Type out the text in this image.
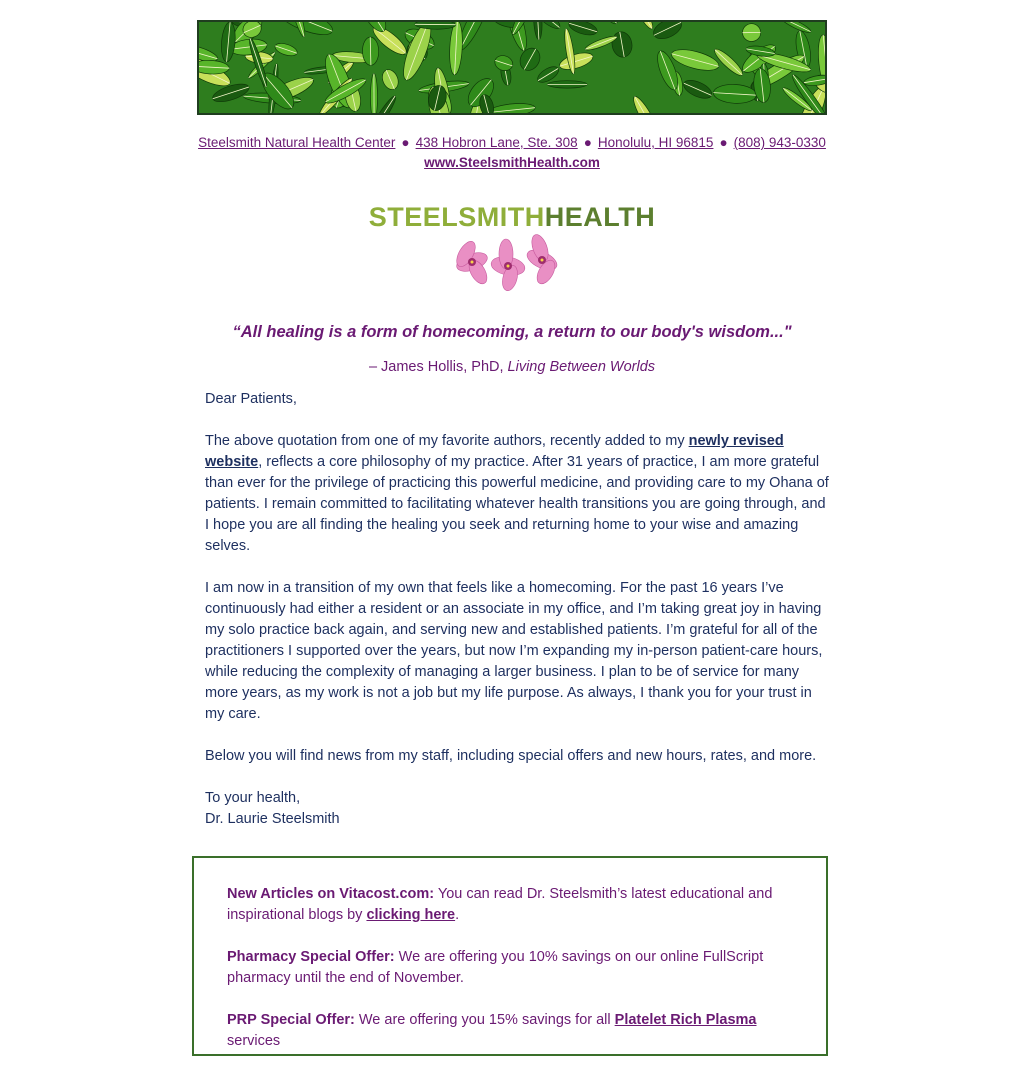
Steelsmith Natural Health Center ● 438 Hobron Lane, Ste. 308 ● Honolulu, HI 96815 ● (808) 943-0330
www.SteelsmithHealth.com
STEELSMITHHEALTH
“All healing is a form of homecoming, a return to our body's wisdom..."
– James Hollis, PhD, Living Between Worlds

Dear Patients,

The above quotation from one of my favorite authors, recently added to my newly revised website, reflects a core philosophy of my practice. After 31 years of practice, I am more grateful than ever for the privilege of practicing this powerful medicine, and providing care to my Ohana of patients. I remain committed to facilitating whatever health transitions you are going through, and I hope you are all finding the healing you seek and returning home to your wise and amazing selves.

I am now in a transition of my own that feels like a homecoming. For the past 16 years I’ve continuously had either a resident or an associate in my office, and I’m taking great joy in having my solo practice back again, and serving new and established patients. I’m grateful for all of the practitioners I supported over the years, but now I’m expanding my in-person patient-care hours, while reducing the complexity of managing a larger business. I plan to be of service for many more years, as my work is not a job but my life purpose. As always, I thank you for your trust in my care.

Below you will find news from my staff, including special offers and new hours, rates, and more.

To your health,

Dr. Laurie Steelsmith

New Articles on Vitacost.com: You can read Dr. Steelsmith’s latest educational and inspirational blogs by clicking here.

Pharmacy Special Offer: We are offering you 10% savings on our online FullScript pharmacy until the end of November.

PRP Special Offer: We are offering you 15% savings for all Platelet Rich Plasma services
